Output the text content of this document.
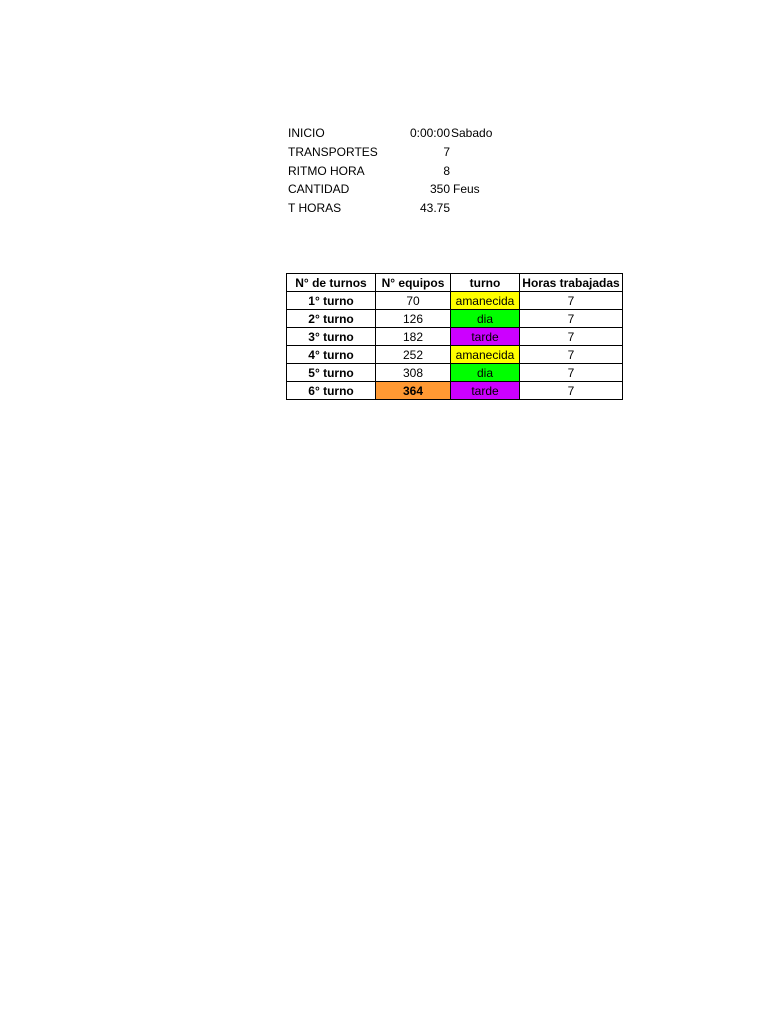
INICIO	0:00:00 Sabado
TRANSPORTES	7
RITMO HORA	8
CANTIDAD	350 Feus
T HORAS	43.75
N° de turnos	N° equipos	turno	Horas trabajadas
1° turno	70	amanecida	7
2° turno	126	dia	7
3° turno	182	tarde	7
4° turno	252	amanecida	7
5° turno	308	dia	7
6° turno	364	tarde	7
